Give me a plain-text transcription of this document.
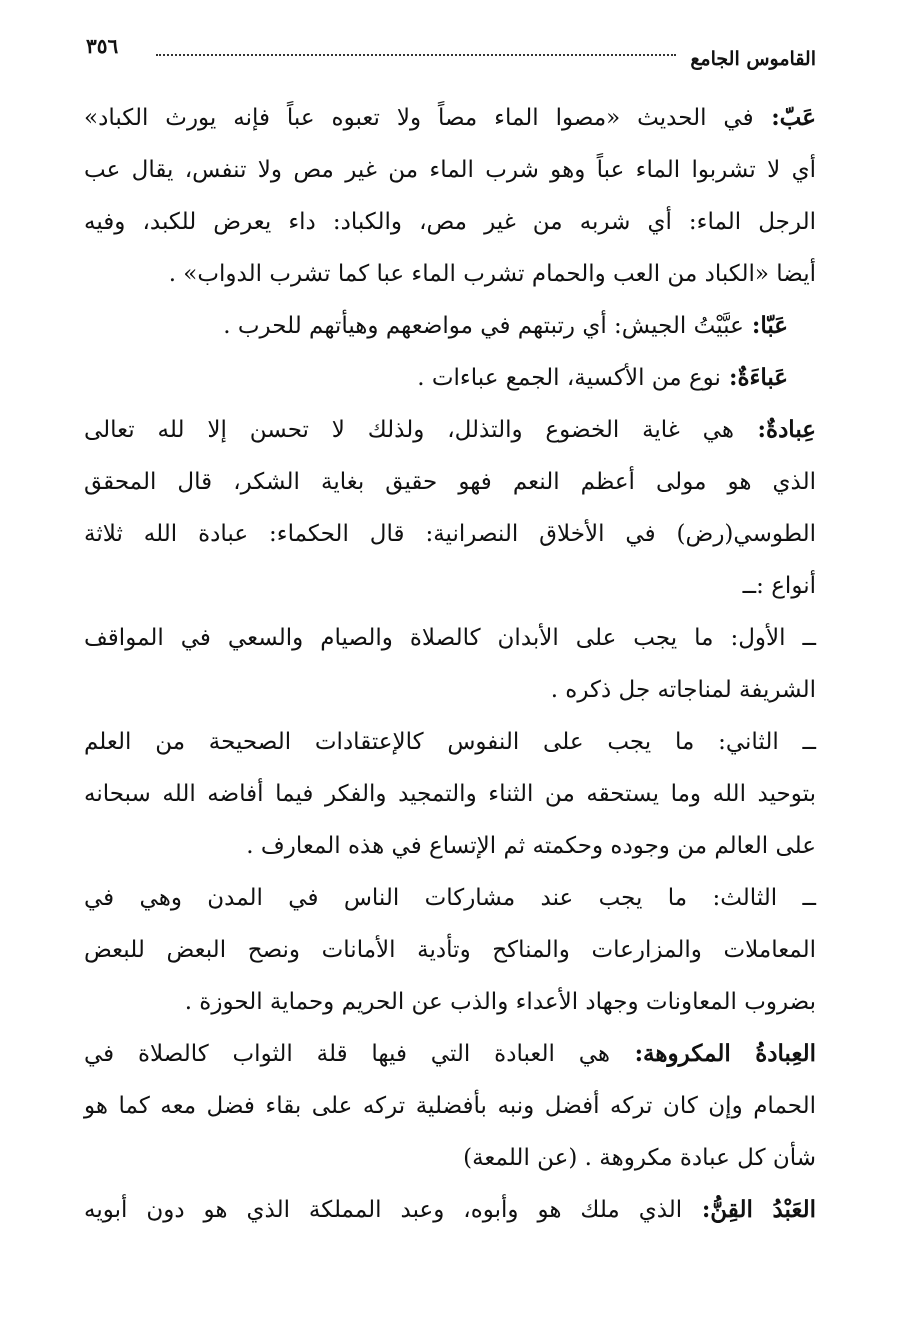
القاموس الجامع
٣٥٦
عَبّ: في الحديث «مصوا الماء مصاً ولا تعبوه عباً فإنه يورث الكباد»
أي لا تشربوا الماء عباً وهو شرب الماء من غير مص ولا تنفس، يقال عب
الرجل الماء: أي شربه من غير مص، والكباد: داء يعرض للكبد، وفيه
أيضا «الكباد من العب والحمام تشرب الماء عبا كما تشرب الدواب» .
عَبّا: عبَّيْتُ الجيش: أي رتبتهم في مواضعهم وهيأتهم للحرب .
عَباءَةٌ: نوع من الأكسية، الجمع عباءات .
عِبادةٌ: هي غاية الخضوع والتذلل، ولذلك لا تحسن إلا لله تعالى
الذي هو مولى أعظم النعم فهو حقيق بغاية الشكر، قال المحقق
الطوسي(رض) في الأخلاق النصرانية: قال الحكماء: عبادة الله ثلاثة
أنواع :ــ
ــ الأول: ما يجب على الأبدان كالصلاة والصيام والسعي في المواقف
الشريفة لمناجاته جل ذكره .
ــ الثاني: ما يجب على النفوس كالإعتقادات الصحيحة من العلم
بتوحيد الله وما يستحقه من الثناء والتمجيد والفكر فيما أفاضه الله سبحانه
على العالم من وجوده وحكمته ثم الإتساع في هذه المعارف .
ــ الثالث: ما يجب عند مشاركات الناس في المدن وهي في
المعاملات والمزارعات والمناكح وتأدية الأمانات ونصح البعض للبعض
بضروب المعاونات وجهاد الأعداء والذب عن الحريم وحماية الحوزة .
العِبادةُ المكروهة: هي العبادة التي فيها قلة الثواب كالصلاة في
الحمام وإن كان تركه أفضل ونبه بأفضلية تركه على بقاء فضل معه كما هو
شأن كل عبادة مكروهة . (عن اللمعة)
العَبْدُ القِنُّ: الذي ملك هو وأبوه، وعبد المملكة الذي هو دون أبويه
